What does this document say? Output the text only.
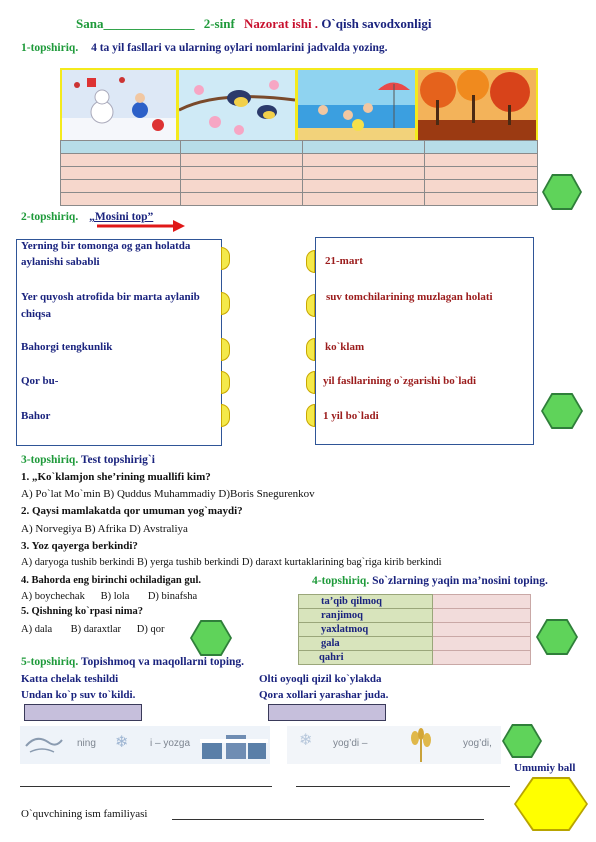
Sana______________ 2-sinf Nazorat ishi . O`qish savodxonligi
1-topshiriq. 4 ta yil fasllari va ularning oylari nomlarini jadvalda yozing.

2-topshiriq. „Mosini top”
Yerning bir tomonga og gan holatda aylanishi sababli
Yer quyosh atrofida bir marta aylanib chiqsa
Bahorgi tengkunlik
Qor bu-
Bahor
21-mart
suv tomchilarining muzlagan holati
ko`klam
yil fasllarining o`zgarishi bo`ladi
1 yil bo`ladi
3-topshiriq. Test topshirig`i
1. „Ko`klamjon she’rining muallifi kim?
A) Po`lat Mo`min B) Quddus Muhammadiy D)Boris Snegurenkov
2. Qaysi mamlakatda qor umuman yog`maydi?
A) Norvegiya B) Afrika D) Avstraliya
3. Yoz qayerga berkindi?
A) daryoga tushib berkindi B) yerga tushib berkindi D) daraxt kurtaklarining bag`riga kirib berkindi
4. Bahorda eng birinchi ochiladigan gul.
A) boychechak      B) lola       D) binafsha
5. Qishning ko`rpasi nima?
A) dala       B) daraxtlar      D) qor
4-topshiriq. So`zlarning yaqin ma’nosini toping.
ta’qib qilmoq	
ranjimoq	
yaxlatmoq	
gala	
qahri	
5-topshiriq. Topishmoq va maqollarni toping.
Katta chelak teshildi
Undan ko`p suv to`kildi.
Olti oyoqli qizil ko`ylakda
Qora xollari yarashar juda.
ning ❄ i – yozga	❄ yog’di –	yog’di,
Umumiy ball
O`quvchining ism familiyasi
